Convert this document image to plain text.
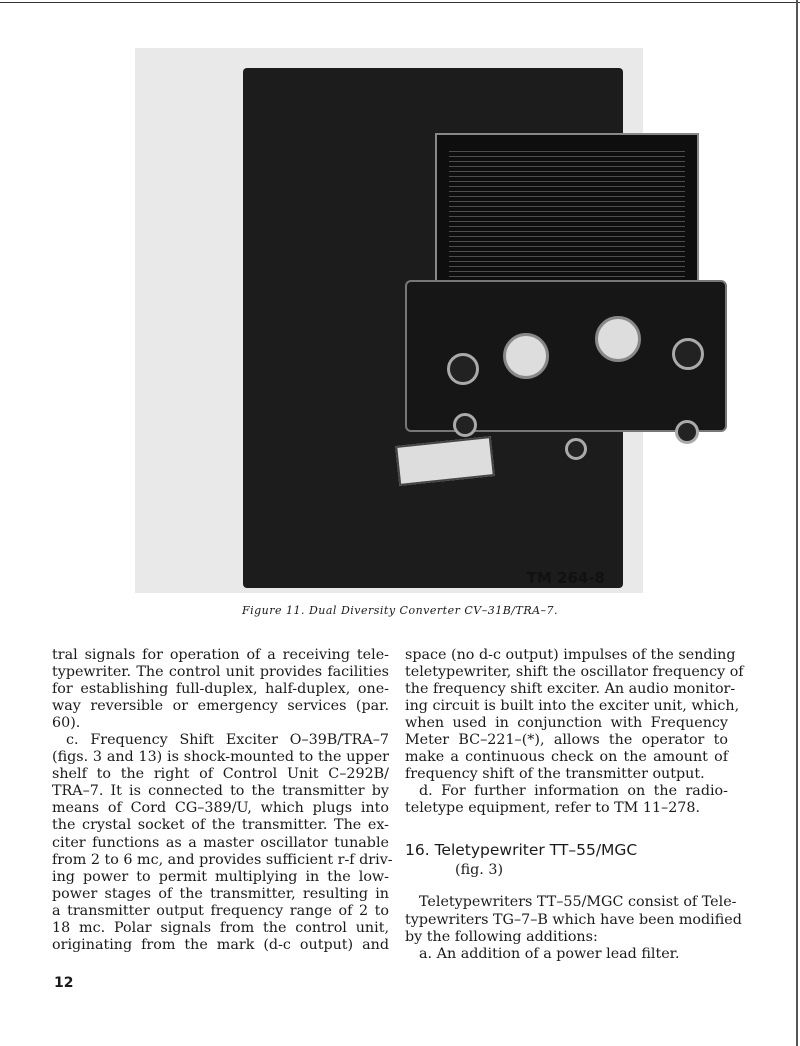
TM 264-8
Figure 11. Dual Diversity Converter CV–31B/TRA–7.
tral signals for operation of a receiving tele-
typewriter. The control unit provides facilities
for establishing full-duplex, half-duplex, one-
way reversible or emergency services (par.
60).
c. Frequency Shift Exciter O–39B/TRA–7
(figs. 3 and 13) is shock-mounted to the upper
shelf to the right of Control Unit C–292B/
TRA–7. It is connected to the transmitter by
means of Cord CG–389/U, which plugs into
the crystal socket of the transmitter. The ex-
citer functions as a master oscillator tunable
from 2 to 6 mc, and provides sufficient r-f driv-
ing power to permit multiplying in the low-
power stages of the transmitter, resulting in
a transmitter output frequency range of 2 to
18 mc. Polar signals from the control unit,
originating from the mark (d-c output) and
space (no d-c output) impulses of the sending
teletypewriter, shift the oscillator frequency of
the frequency shift exciter. An audio monitor-
ing circuit is built into the exciter unit, which,
when used in conjunction with Frequency
Meter BC–221–(*), allows the operator to
make a continuous check on the amount of
frequency shift of the transmitter output.
d. For further information on the radio-
teletype equipment, refer to TM 11–278.
16. Teletypewriter TT–55/MGC
(fig. 3)
Teletypewriters TT–55/MGC consist of Tele-
typewriters TG–7–B which have been modified
by the following additions:
a. An addition of a power lead filter.
12
